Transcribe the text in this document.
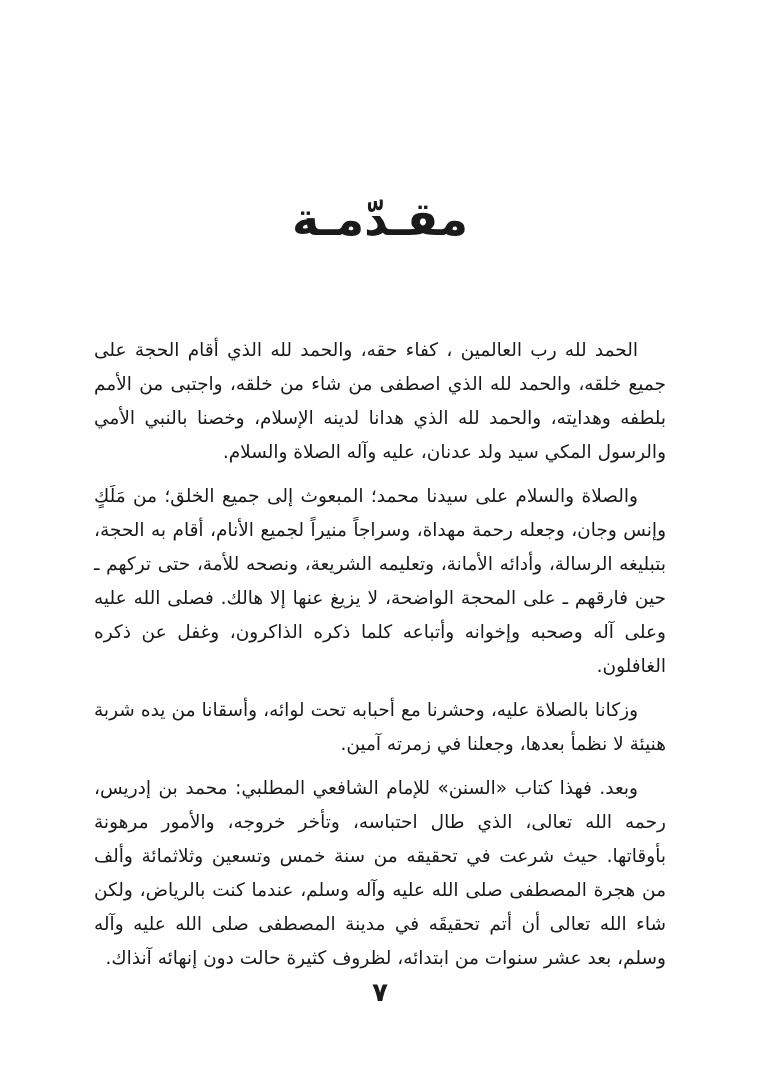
مقـدّمـة

الحمد لله رب العالمين ، كفاء حقه، والحمد لله الذي أقام الحجة على جميع خلقه، والحمد لله الذي اصطفى من شاء من خلقه، واجتبى من الأمم بلطفه وهدايته، والحمد لله الذي هدانا لدينه الإسلام، وخصنا بالنبي الأمي والرسول المكي سيد ولد عدنان، عليه وآله الصلاة والسلام.

والصلاة والسلام على سيدنا محمد؛ المبعوث إلى جميع الخلق؛ من مَلَكٍ وإنس وجان، وجعله رحمة مهداة، وسراجاً منيراً لجميع الأنام، أقام به الحجة، بتبليغه الرسالة، وأدائه الأمانة، وتعليمه الشريعة، ونصحه للأمة، حتى تركهم ـ حين فارقهم ـ على المحجة الواضحة، لا يزيغ عنها إلا هالك. فصلى الله عليه وعلى آله وصحبه وإخوانه وأتباعه كلما ذكره الذاكرون، وغفل عن ذكره الغافلون.

وزكانا بالصلاة عليه، وحشرنا مع أحبابه تحت لوائه، وأسقانا من يده شربة هنيئة لا نظمأ بعدها، وجعلنا في زمرته آمين.

وبعد. فهذا كتاب «السنن» للإمام الشافعي المطلبي: محمد بن إدريس، رحمه الله تعالى، الذي طال احتباسه، وتأخر خروجه، والأمور مرهونة بأوقاتها. حيث شرعت في تحقيقه من سنة خمس وتسعين وثلاثمائة وألف من هجرة المصطفى صلى الله عليه وآله وسلم، عندما كنت بالرياض، ولكن شاء الله تعالى أن أتم تحقيقَه في مدينة المصطفى صلى الله عليه وآله وسلم، بعد عشر سنوات من ابتدائه، لظروف كثيرة حالت دون إنهائه آنذاك.

٧
